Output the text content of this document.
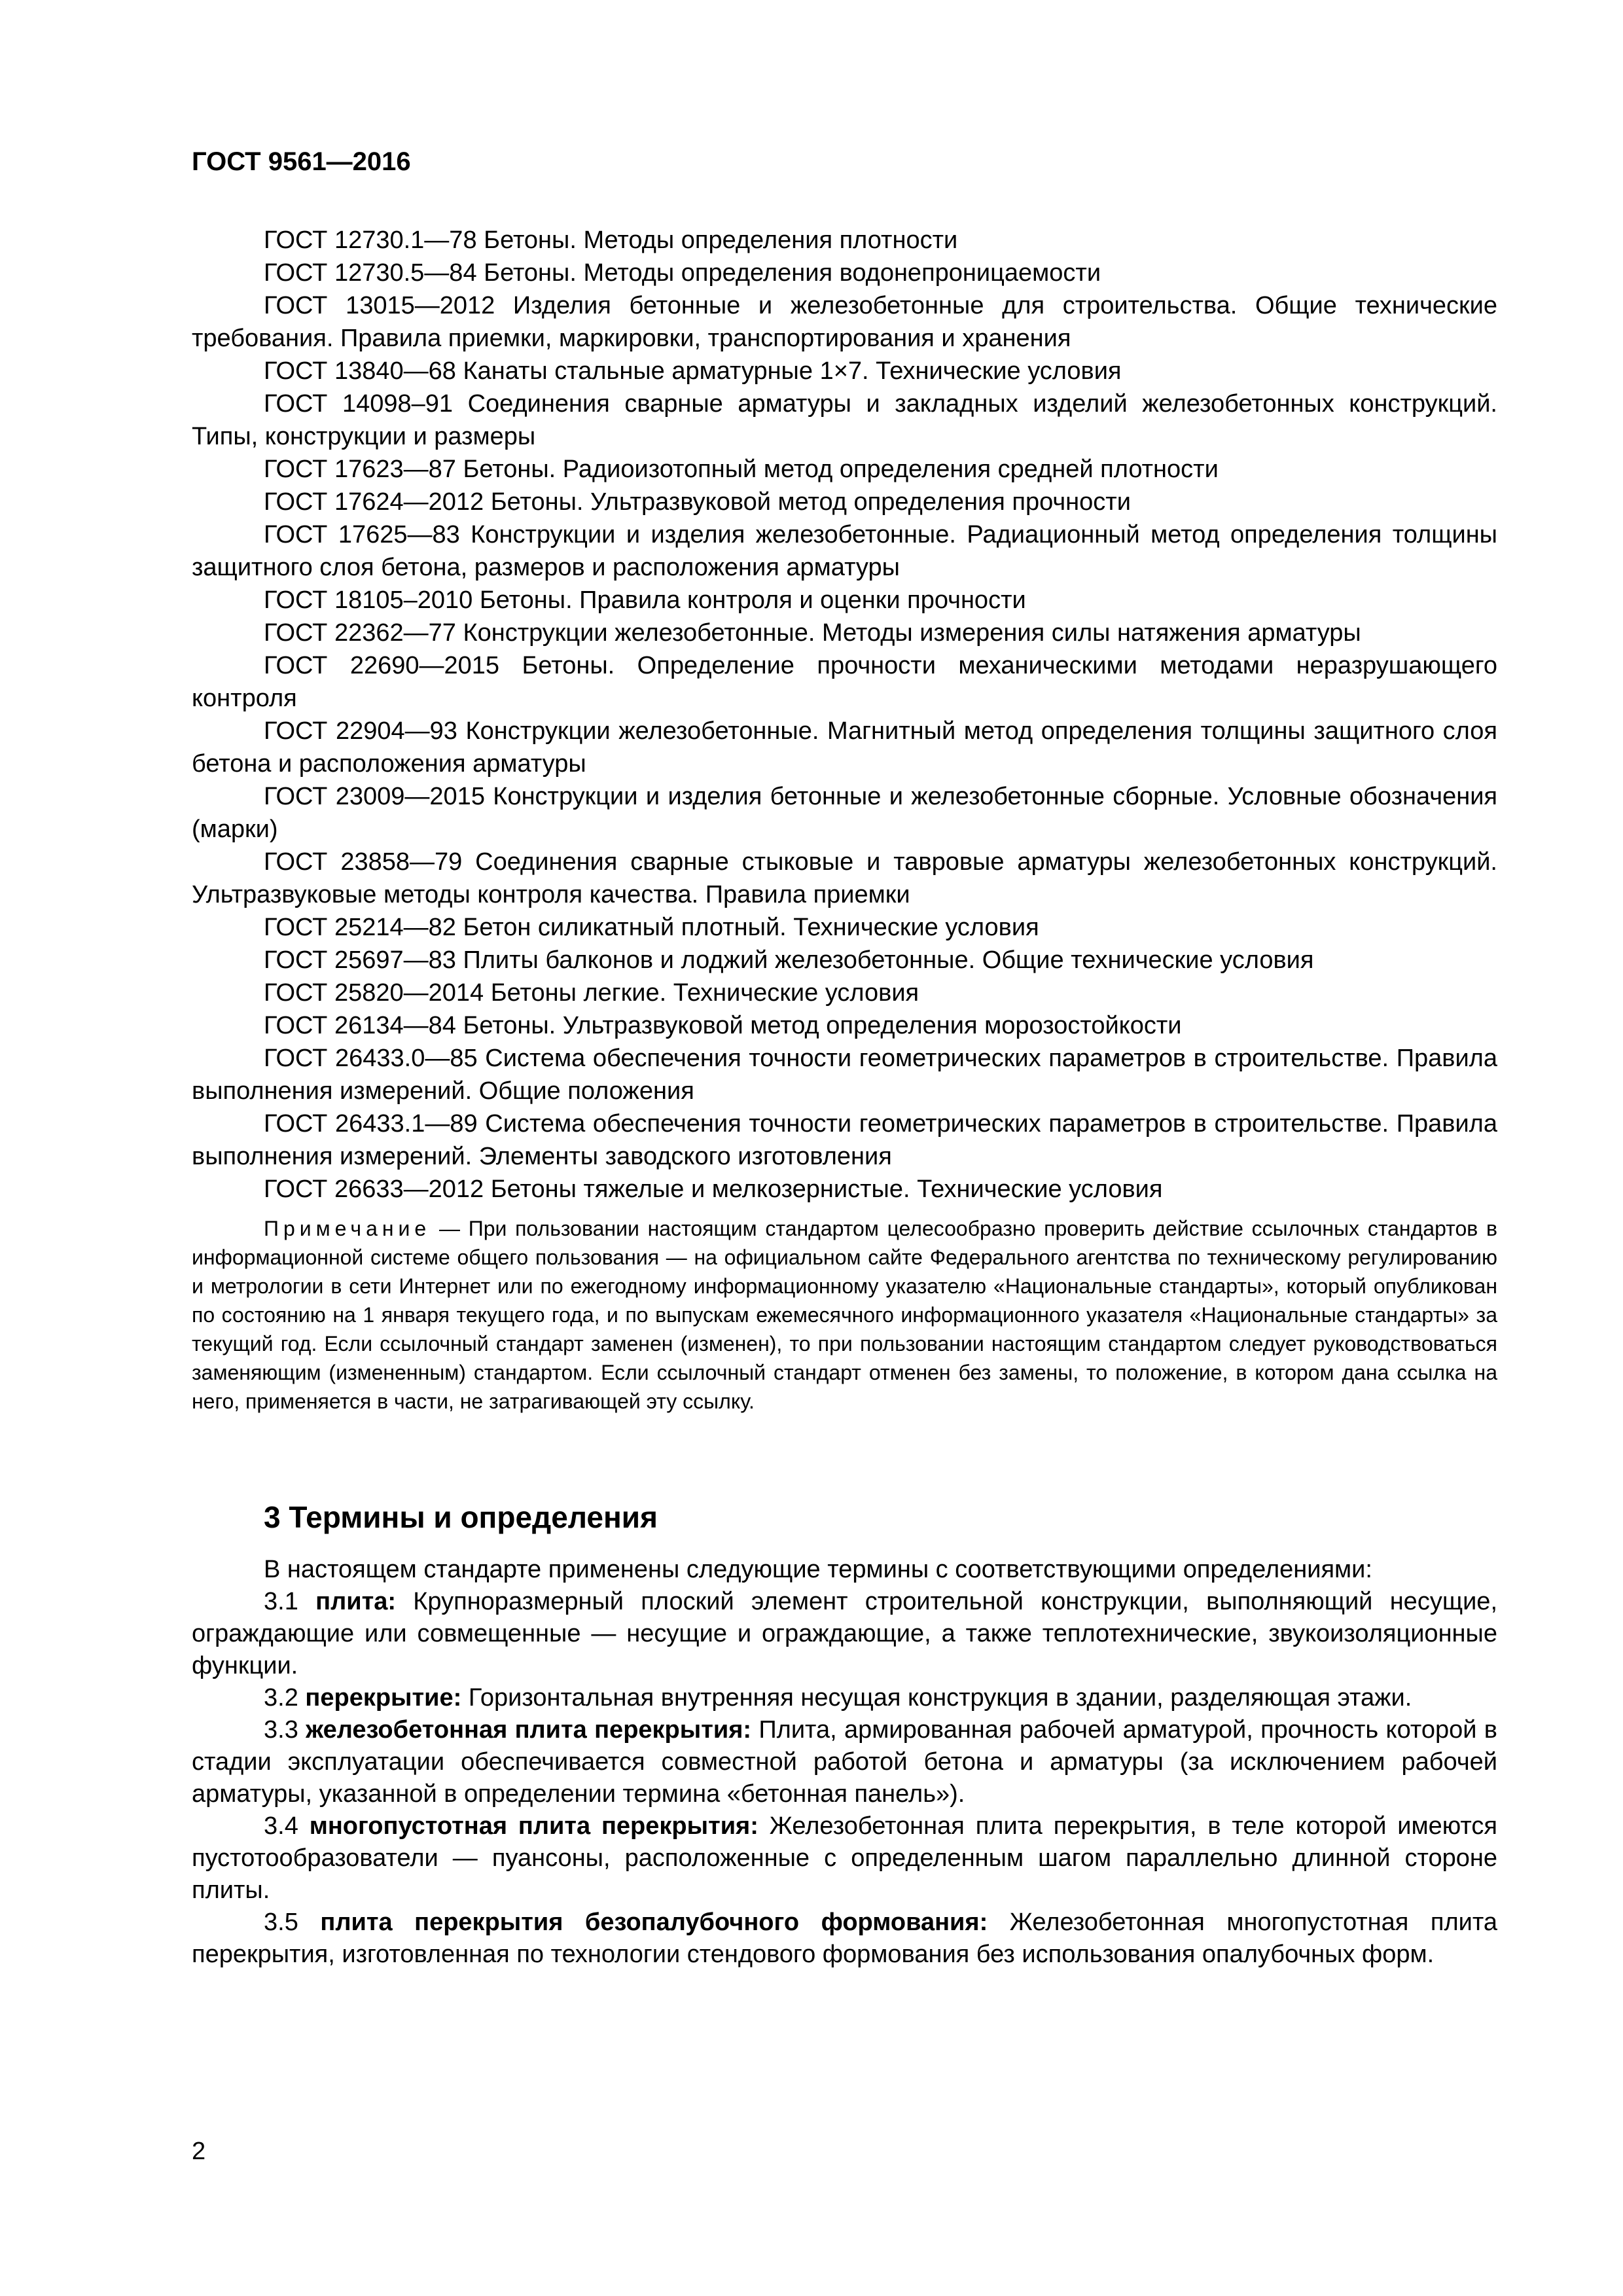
ГОСТ 9561—2016
ГОСТ 12730.1—78 Бетоны. Методы определения плотности
ГОСТ 12730.5—84 Бетоны. Методы определения водонепроницаемости
ГОСТ 13015—2012 Изделия бетонные и железобетонные для строительства. Общие технические требования. Правила приемки, маркировки, транспортирования и хранения
ГОСТ 13840—68 Канаты стальные арматурные 1×7. Технические условия
ГОСТ 14098–91 Соединения сварные арматуры и закладных изделий железобетонных конструкций. Типы, конструкции и размеры
ГОСТ 17623—87 Бетоны. Радиоизотопный метод определения средней плотности
ГОСТ 17624—2012 Бетоны. Ультразвуковой метод определения прочности
ГОСТ 17625—83 Конструкции и изделия железобетонные. Радиационный метод определения толщины защитного слоя бетона, размеров и расположения арматуры
ГОСТ 18105–2010 Бетоны. Правила контроля и оценки прочности
ГОСТ 22362—77 Конструкции железобетонные. Методы измерения силы натяжения арматуры
ГОСТ 22690—2015 Бетоны. Определение прочности механическими методами неразрушающего контроля
ГОСТ 22904—93 Конструкции железобетонные. Магнитный метод определения толщины защитного слоя бетона и расположения арматуры
ГОСТ 23009—2015 Конструкции и изделия бетонные и железобетонные сборные. Условные обозначения (марки)
ГОСТ 23858—79 Соединения сварные стыковые и тавровые арматуры железобетонных конструкций. Ультразвуковые методы контроля качества. Правила приемки
ГОСТ 25214—82 Бетон силикатный плотный. Технические условия
ГОСТ 25697—83 Плиты балконов и лоджий железобетонные. Общие технические условия
ГОСТ 25820—2014 Бетоны легкие. Технические условия
ГОСТ 26134—84 Бетоны. Ультразвуковой метод определения морозостойкости
ГОСТ 26433.0—85 Система обеспечения точности геометрических параметров в строительстве. Правила выполнения измерений. Общие положения
ГОСТ 26433.1—89 Система обеспечения точности геометрических параметров в строительстве. Правила выполнения измерений. Элементы заводского изготовления
ГОСТ 26633—2012 Бетоны тяжелые и мелкозернистые. Технические условия
Примечание — При пользовании настоящим стандартом целесообразно проверить действие ссылочных стандартов в информационной системе общего пользования — на официальном сайте Федерального агентства по техническому регулированию и метрологии в сети Интернет или по ежегодному информационному указателю «Национальные стандарты», который опубликован по состоянию на 1 января текущего года, и по выпускам ежемесячного информационного указателя «Национальные стандарты» за текущий год. Если ссылочный стандарт заменен (изменен), то при пользовании настоящим стандартом следует руководствоваться заменяющим (измененным) стандартом. Если ссылочный стандарт отменен без замены, то положение, в котором дана ссылка на него, применяется в части, не затрагивающей эту ссылку.
3 Термины и определения
В настоящем стандарте применены следующие термины с соответствующими определениями:
3.1 плита: Крупноразмерный плоский элемент строительной конструкции, выполняющий несущие, ограждающие или совмещенные — несущие и ограждающие, а также теплотехнические, звукоизоляционные функции.
3.2 перекрытие: Горизонтальная внутренняя несущая конструкция в здании, разделяющая этажи.
3.3 железобетонная плита перекрытия: Плита, армированная рабочей арматурой, прочность которой в стадии эксплуатации обеспечивается совместной работой бетона и арматуры (за исключением рабочей арматуры, указанной в определении термина «бетонная панель»).
3.4 многопустотная плита перекрытия: Железобетонная плита перекрытия, в теле которой имеются пустотообразователи — пуансоны, расположенные с определенным шагом параллельно длинной стороне плиты.
3.5 плита перекрытия безопалубочного формования: Железобетонная многопустотная плита перекрытия, изготовленная по технологии стендового формования без использования опалубочных форм.
2
